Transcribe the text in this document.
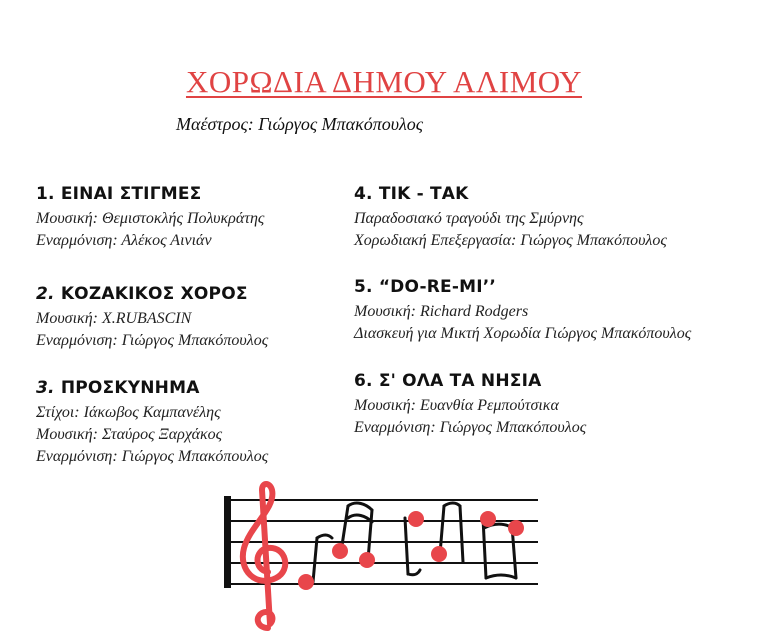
ΧΟΡΩΔΙΑ ΔΗΜΟΥ ΑΛΙΜΟΥ
Μαέστρος: Γιώργος Μπακόπουλος
1. ΕΙΝΑΙ ΣΤΙΓΜΕΣ

Μουσική: Θεμιστοκλής Πολυκράτης

Εναρμόνιση: Αλέκος Αινιάν

2. ΚΟΖΑΚΙΚΟΣ ΧΟΡΟΣ

Μουσική: X.RUBASCIN

Εναρμόνιση: Γιώργος Μπακόπουλος

3. ΠΡΟΣΚΥΝΗΜΑ

Στίχοι: Ιάκωβος Καμπανέλης

Μουσική: Σταύρος Ξαρχάκος

Εναρμόνιση: Γιώργος Μπακόπουλος

4. ΤΙΚ - ΤΑΚ

Παραδοσιακό τραγούδι της Σμύρνης

Χορωδιακή Επεξεργασία: Γιώργος Μπακόπουλος

5. “DO-RE-MI’’

Μουσική: Richard Rodgers

Διασκευή για Μικτή Χορωδία Γιώργος Μπακόπουλος

6. Σ' ΟΛΑ ΤΑ ΝΗΣΙΑ

Μουσική: Ευανθία Ρεμπούτσικα

Εναρμόνιση: Γιώργος Μπακόπουλος
